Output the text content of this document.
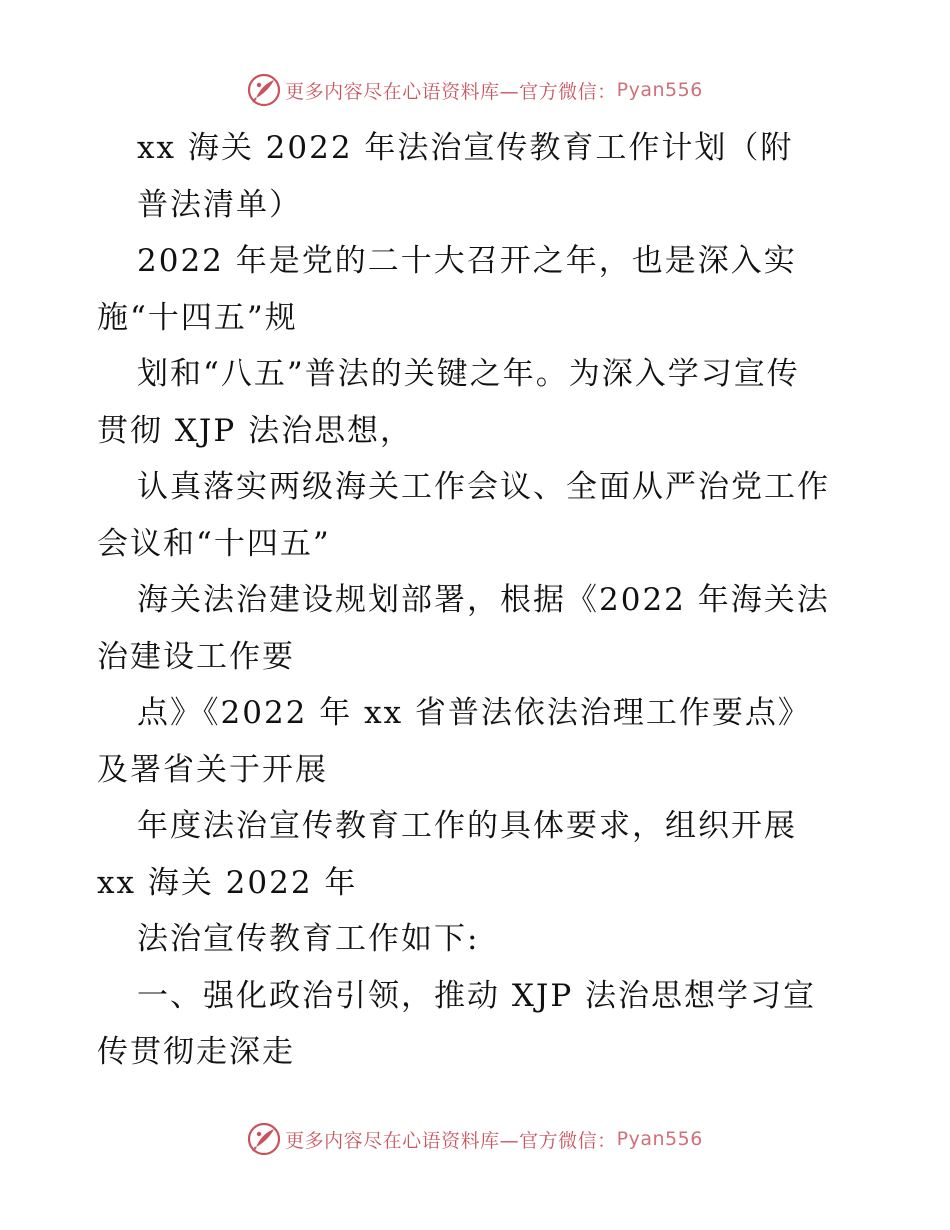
更多内容尽在心语资料库—官方微信： Pyan556
xx 海关 2022 年法治宣传教育工作计划（附
普法清单）
2022 年是党的二十大召开之年，也是深入实
施“十四五”规
划和“八五”普法的关键之年。为深入学习宣传
贯彻 XJP 法治思想，
认真落实两级海关工作会议、全面从严治党工作
会议和“十四五”
海关法治建设规划部署，根据《2022 年海关法
治建设工作要
点》《2022 年 xx 省普法依法治理工作要点》
及署省关于开展
年度法治宣传教育工作的具体要求，组织开展
xx 海关 2022 年
法治宣传教育工作如下:
一、强化政治引领，推动 XJP 法治思想学习宣
传贯彻走深走
更多内容尽在心语资料库—官方微信： Pyan556
